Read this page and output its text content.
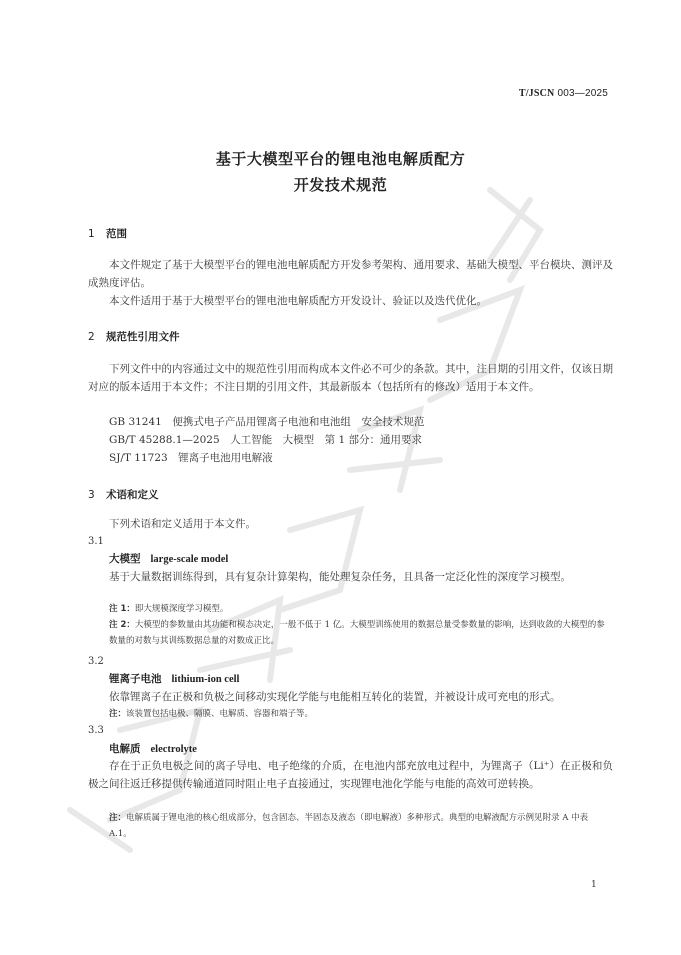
T/JSCN 003—2025
基于大模型平台的锂电池电解质配方
开发技术规范
1 范围
本文件规定了基于大模型平台的锂电池电解质配方开发参考架构、通用要求、基础大模型、平台模块、测评及成熟度评估。
本文件适用于基于大模型平台的锂电池电解质配方开发设计、验证以及迭代优化。
2 规范性引用文件
下列文件中的内容通过文中的规范性引用而构成本文件必不可少的条款。其中，注日期的引用文件，仅该日期对应的版本适用于本文件；不注日期的引用文件，其最新版本（包括所有的修改）适用于本文件。
GB 31241　便携式电子产品用锂离子电池和电池组　安全技术规范
GB/T 45288.1—2025　人工智能　大模型　第 1 部分：通用要求
SJ/T 11723　锂离子电池用电解液
3 术语和定义
下列术语和定义适用于本文件。
3.1
大模型 large-scale model
基于大量数据训练得到，具有复杂计算架构，能处理复杂任务，且具备一定泛化性的深度学习模型。
注 1：即大规模深度学习模型。
注 2：大模型的参数量由其功能和模态决定，一般不低于 1 亿。大模型训练使用的数据总量受参数量的影响，达到收敛的大模型的参数量的对数与其训练数据总量的对数成正比。
3.2
锂离子电池 lithium-ion cell
依靠锂离子在正极和负极之间移动实现化学能与电能相互转化的装置，并被设计成可充电的形式。
注：该装置包括电极、隔膜、电解质、容器和端子等。
3.3
电解质 electrolyte
存在于正负电极之间的离子导电、电子绝缘的介质，在电池内部充放电过程中，为锂离子（Li⁺）在正极和负极之间往返迁移提供传输通道同时阻止电子直接通过，实现锂电池化学能与电能的高效可逆转换。
注：电解质属于锂电池的核心组成部分，包含固态、半固态及液态（即电解液）多种形式。典型的电解液配方示例见附录 A 中表 A.1。
1
